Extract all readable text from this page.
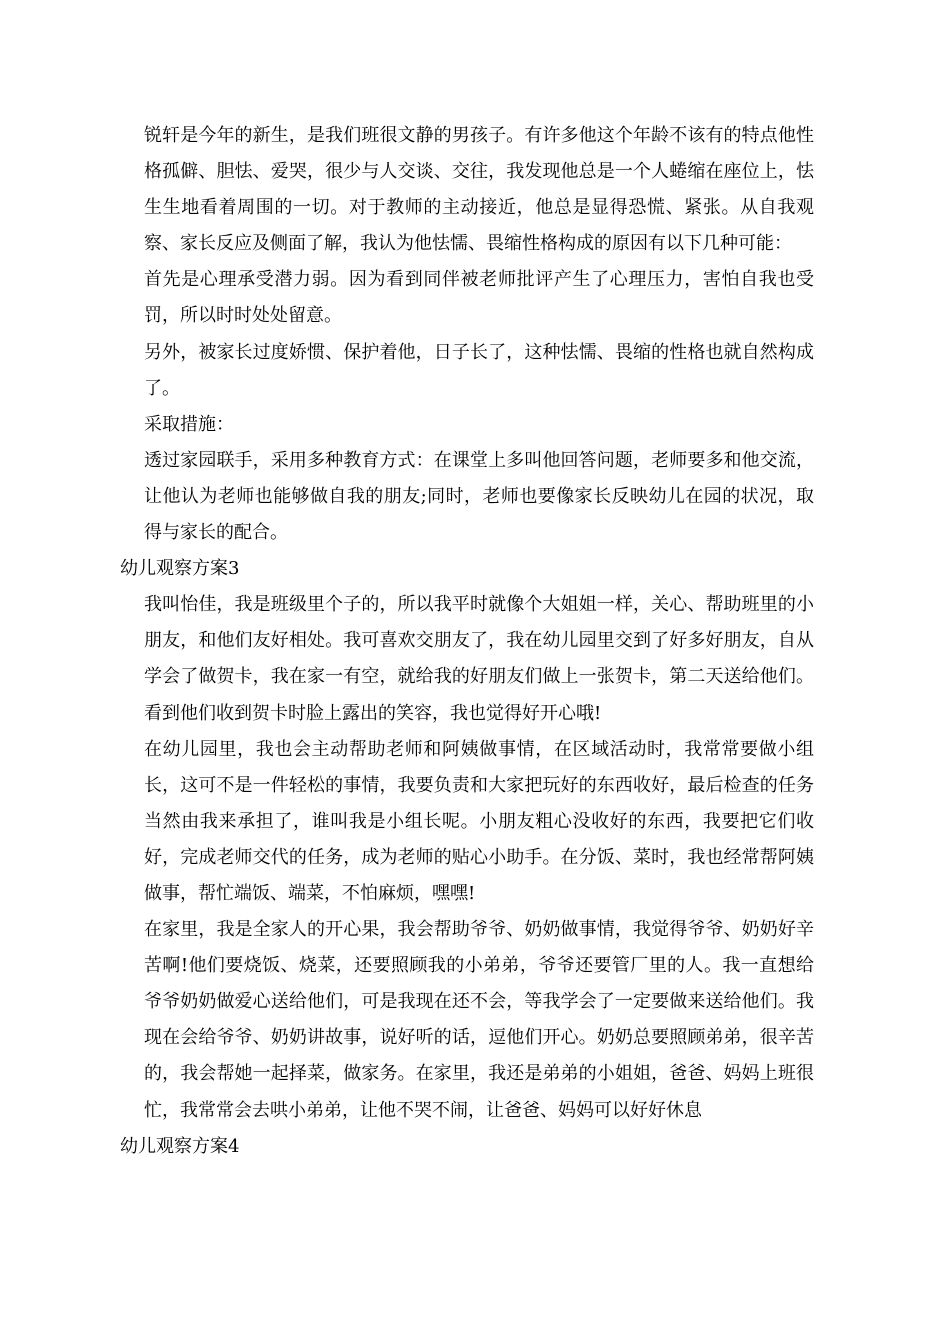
锐轩是今年的新生，是我们班很文静的男孩子。有许多他这个年龄不该有的特点他性格孤僻、胆怯、爱哭，很少与人交谈、交往，我发现他总是一个人蜷缩在座位上，怯生生地看着周围的一切。对于教师的主动接近，他总是显得恐慌、紧张。从自我观察、家长反应及侧面了解，我认为他怯懦、畏缩性格构成的原因有以下几种可能：

首先是心理承受潜力弱。因为看到同伴被老师批评产生了心理压力，害怕自我也受罚，所以时时处处留意。

另外，被家长过度娇惯、保护着他，日子长了，这种怯懦、畏缩的性格也就自然构成了。

采取措施：

透过家园联手，采用多种教育方式：在课堂上多叫他回答问题，老师要多和他交流，让他认为老师也能够做自我的朋友;同时，老师也要像家长反映幼儿在园的状况，取得与家长的配合。

幼儿观察方案3

我叫怡佳，我是班级里个子的，所以我平时就像个大姐姐一样，关心、帮助班里的小朋友，和他们友好相处。我可喜欢交朋友了，我在幼儿园里交到了好多好朋友，自从学会了做贺卡，我在家一有空，就给我的好朋友们做上一张贺卡，第二天送给他们。看到他们收到贺卡时脸上露出的笑容，我也觉得好开心哦!

在幼儿园里，我也会主动帮助老师和阿姨做事情，在区域活动时，我常常要做小组长，这可不是一件轻松的事情，我要负责和大家把玩好的东西收好，最后检查的任务当然由我来承担了，谁叫我是小组长呢。小朋友粗心没收好的东西，我要把它们收好，完成老师交代的任务，成为老师的贴心小助手。在分饭、菜时，我也经常帮阿姨做事，帮忙端饭、端菜，不怕麻烦，嘿嘿!

在家里，我是全家人的开心果，我会帮助爷爷、奶奶做事情，我觉得爷爷、奶奶好辛苦啊!他们要烧饭、烧菜，还要照顾我的小弟弟，爷爷还要管厂里的人。我一直想给爷爷奶奶做爱心送给他们，可是我现在还不会，等我学会了一定要做来送给他们。我现在会给爷爷、奶奶讲故事，说好听的话，逗他们开心。奶奶总要照顾弟弟，很辛苦的，我会帮她一起择菜，做家务。在家里，我还是弟弟的小姐姐，爸爸、妈妈上班很忙，我常常会去哄小弟弟，让他不哭不闹，让爸爸、妈妈可以好好休息

幼儿观察方案4
